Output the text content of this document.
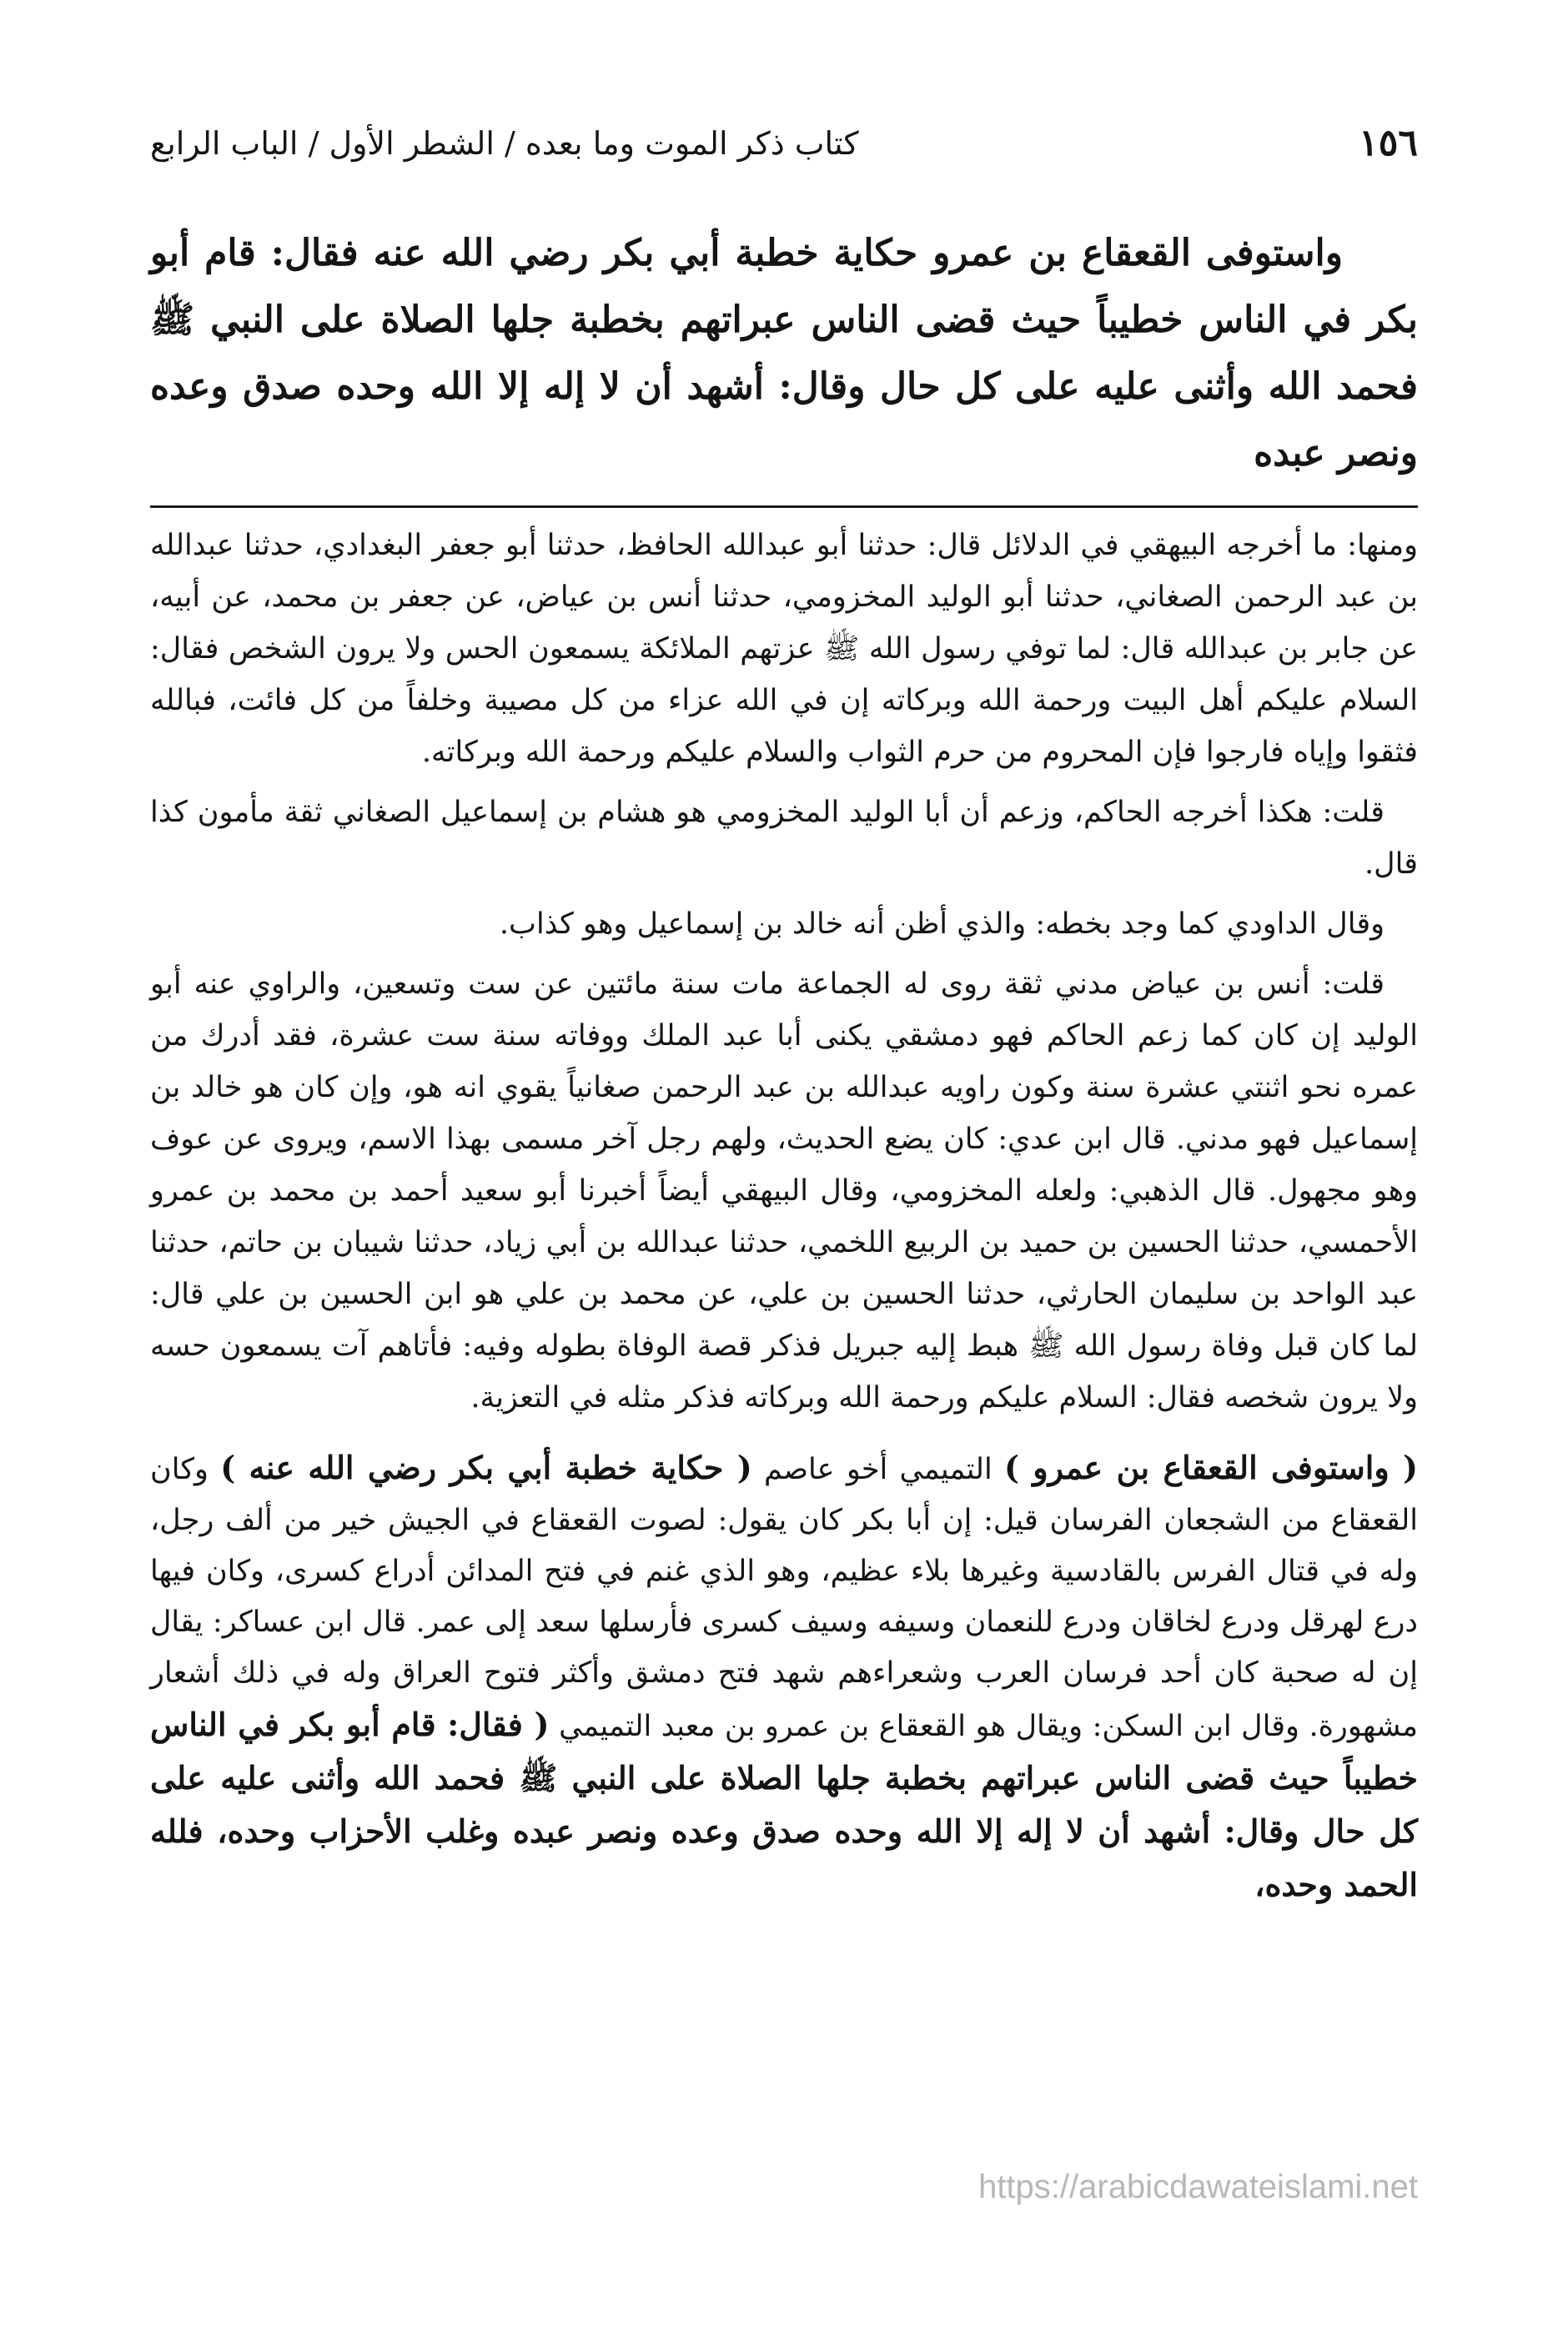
١٥٦
كتاب ذكر الموت وما بعده / الشطر الأول / الباب الرابع
واستوفى القعقاع بن عمرو حكاية خطبة أبي بكر رضي الله عنه فقال: قام أبو بكر في الناس خطيباً حيث قضى الناس عبراتهم بخطبة جلها الصلاة على النبي ﷺ فحمد الله وأثنى عليه على كل حال وقال: أشهد أن لا إله إلا الله وحده صدق وعده ونصر عبده

ومنها: ما أخرجه البيهقي في الدلائل قال: حدثنا أبو عبدالله الحافظ، حدثنا أبو جعفر البغدادي، حدثنا عبدالله بن عبد الرحمن الصغاني، حدثنا أبو الوليد المخزومي، حدثنا أنس بن عياض، عن جعفر بن محمد، عن أبيه، عن جابر بن عبدالله قال: لما توفي رسول الله ﷺ عزتهم الملائكة يسمعون الحس ولا يرون الشخص فقال: السلام عليكم أهل البيت ورحمة الله وبركاته إن في الله عزاء من كل مصيبة وخلفاً من كل فائت، فبالله فثقوا وإياه فارجوا فإن المحروم من حرم الثواب والسلام عليكم ورحمة الله وبركاته.

قلت: هكذا أخرجه الحاكم، وزعم أن أبا الوليد المخزومي هو هشام بن إسماعيل الصغاني ثقة مأمون كذا قال.

وقال الداودي كما وجد بخطه: والذي أظن أنه خالد بن إسماعيل وهو كذاب.

قلت: أنس بن عياض مدني ثقة روى له الجماعة مات سنة مائتين عن ست وتسعين، والراوي عنه أبو الوليد إن كان كما زعم الحاكم فهو دمشقي يكنى أبا عبد الملك ووفاته سنة ست عشرة، فقد أدرك من عمره نحو اثنتي عشرة سنة وكون راويه عبدالله بن عبد الرحمن صغانياً يقوي انه هو، وإن كان هو خالد بن إسماعيل فهو مدني. قال ابن عدي: كان يضع الحديث، ولهم رجل آخر مسمى بهذا الاسم، ويروى عن عوف وهو مجهول. قال الذهبي: ولعله المخزومي، وقال البيهقي أيضاً أخبرنا أبو سعيد أحمد بن محمد بن عمرو الأحمسي، حدثنا الحسين بن حميد بن الربيع اللخمي، حدثنا عبدالله بن أبي زياد، حدثنا شيبان بن حاتم، حدثنا عبد الواحد بن سليمان الحارثي، حدثنا الحسين بن علي، عن محمد بن علي هو ابن الحسين بن علي قال: لما كان قبل وفاة رسول الله ﷺ هبط إليه جبريل فذكر قصة الوفاة بطوله وفيه: فأتاهم آت يسمعون حسه ولا يرون شخصه فقال: السلام عليكم ورحمة الله وبركاته فذكر مثله في التعزية.

( واستوفى القعقاع بن عمرو ) التميمي أخو عاصم ( حكاية خطبة أبي بكر رضي الله عنه ) وكان القعقاع من الشجعان الفرسان قيل: إن أبا بكر كان يقول: لصوت القعقاع في الجيش خير من ألف رجل، وله في قتال الفرس بالقادسية وغيرها بلاء عظيم، وهو الذي غنم في فتح المدائن أدراع كسرى، وكان فيها درع لهرقل ودرع لخاقان ودرع للنعمان وسيفه وسيف كسرى فأرسلها سعد إلى عمر. قال ابن عساكر: يقال إن له صحبة كان أحد فرسان العرب وشعراءهم شهد فتح دمشق وأكثر فتوح العراق وله في ذلك أشعار مشهورة. وقال ابن السكن: ويقال هو القعقاع بن عمرو بن معبد التميمي ( فقال: قام أبو بكر في الناس خطيباً حيث قضى الناس عبراتهم بخطبة جلها الصلاة على النبي ﷺ فحمد الله وأثنى عليه على كل حال وقال: أشهد أن لا إله إلا الله وحده صدق وعده ونصر عبده وغلب الأحزاب وحده، فلله الحمد وحده،

https://arabicdawateislami.net
